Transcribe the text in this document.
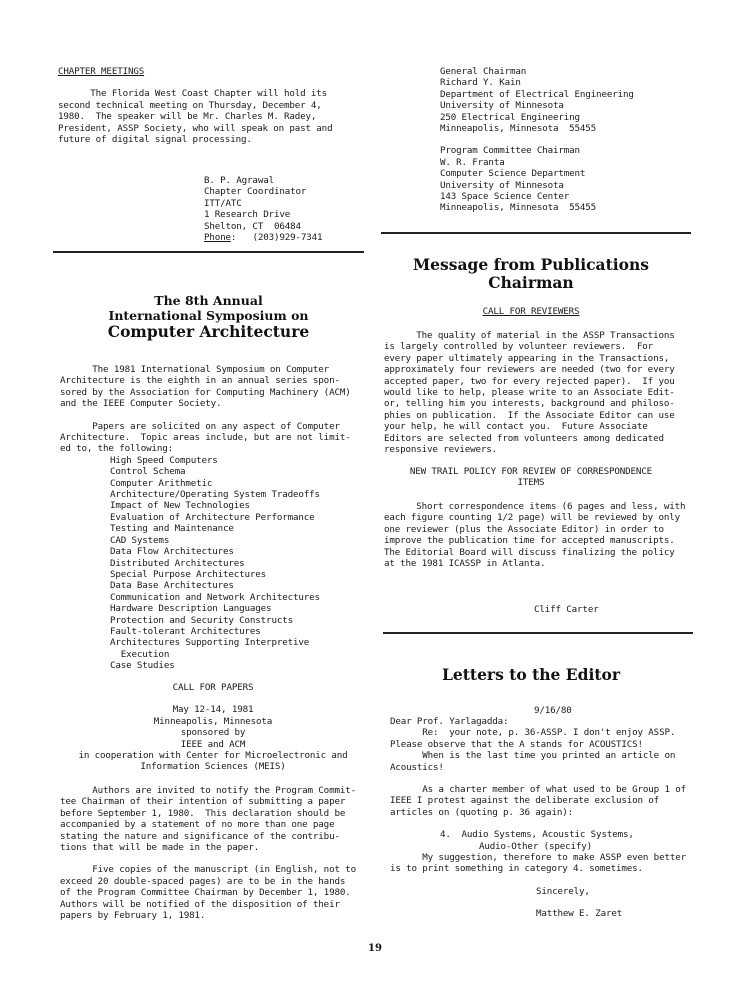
CHAPTER MEETINGS

The Florida West Coast Chapter will hold its

second technical meeting on Thursday, December 4,

1980.  The speaker will be Mr. Charles M. Radey,

President, ASSP Society, who will speak on past and

future of digital signal processing.

B. P. Agrawal

Chapter Coordinator

ITT/ATC

1 Research Drive

Shelton, CT  06484

Phone:   (203)929-7341

The 8th Annual
International Symposium on
Computer Architecture

The 1981 International Symposium on Computer

Architecture is the eighth in an annual series spon-

sored by the Association for Computing Machinery (ACM)

and the IEEE Computer Society.

Papers are solicited on any aspect of Computer

Architecture.  Topic areas include, but are not limit-

ed to, the following:

High Speed Computers

Control Schema

Computer Arithmetic

Architecture/Operating System Tradeoffs

Impact of New Technologies

Evaluation of Architecture Performance

Testing and Maintenance

CAD Systems

Data Flow Architectures

Distributed Architectures

Special Purpose Architectures

Data Base Architectures

Communication and Network Architectures

Hardware Description Languages

Protection and Security Constructs

Fault-tolerant Architectures

Architectures Supporting Interpretive

Execution

Case Studies

CALL FOR PAPERS

May 12-14, 1981

Minneapolis, Minnesota

sponsored by

IEEE and ACM

in cooperation with Center for Microelectronic and

Information Sciences (MEIS)

Authors are invited to notify the Program Commit-

tee Chairman of their intention of submitting a paper

before September 1, 1980.  This declaration should be

accompanied by a statement of no more than one page

stating the nature and significance of the contribu-

tions that will be made in the paper.

Five copies of the manuscript (in English, not to

exceed 20 double-spaced pages) are to be in the hands

of the Program Committee Chairman by December 1, 1980.

Authors will be notified of the disposition of their

papers by February 1, 1981.

General Chairman

Richard Y. Kain

Department of Electrical Engineering

University of Minnesota

250 Electrical Engineering

Minneapolis, Minnesota  55455

Program Committee Chairman

W. R. Franta

Computer Science Department

University of Minnesota

143 Space Science Center

Minneapolis, Minnesota  55455

Message from Publications
Chairman

CALL FOR REVIEWERS

The quality of material in the ASSP Transactions

is largely controlled by volunteer reviewers.  For

every paper ultimately appearing in the Transactions,

approximately four reviewers are needed (two for every

accepted paper, two for every rejected paper).  If you

would like to help, please write to an Associate Edit-

or, telling him you interests, background and philoso-

phies on publication.  If the Associate Editor can use

your help, he will contact you.  Future Associate

Editors are selected from volunteers among dedicated

responsive reviewers.

NEW TRAIL POLICY FOR REVIEW OF CORRESPONDENCE

ITEMS

Short correspondence items (6 pages and less, with

each figure counting 1/2 page) will be reviewed by only

one reviewer (plus the Associate Editor) in order to

improve the publication time for accepted manuscripts.

The Editorial Board will discuss finalizing the policy

at the 1981 ICASSP in Atlanta.

Cliff Carter

Letters to the Editor

9/16/80

Dear Prof. Yarlagadda:

Re:  your note, p. 36-ASSP. I don't enjoy ASSP.

Please observe that the A stands for ACOUSTICS!

When is the last time you printed an article on

Acoustics!

As a charter member of what used to be Group 1 of

IEEE I protest against the deliberate exclusion of

articles on (quoting p. 36 again):

4.  Audio Systems, Acoustic Systems,

Audio-Other (specify)

My suggestion, therefore to make ASSP even better

is to print something in category 4. sometimes.

Sincerely,

Matthew E. Zaret

19
